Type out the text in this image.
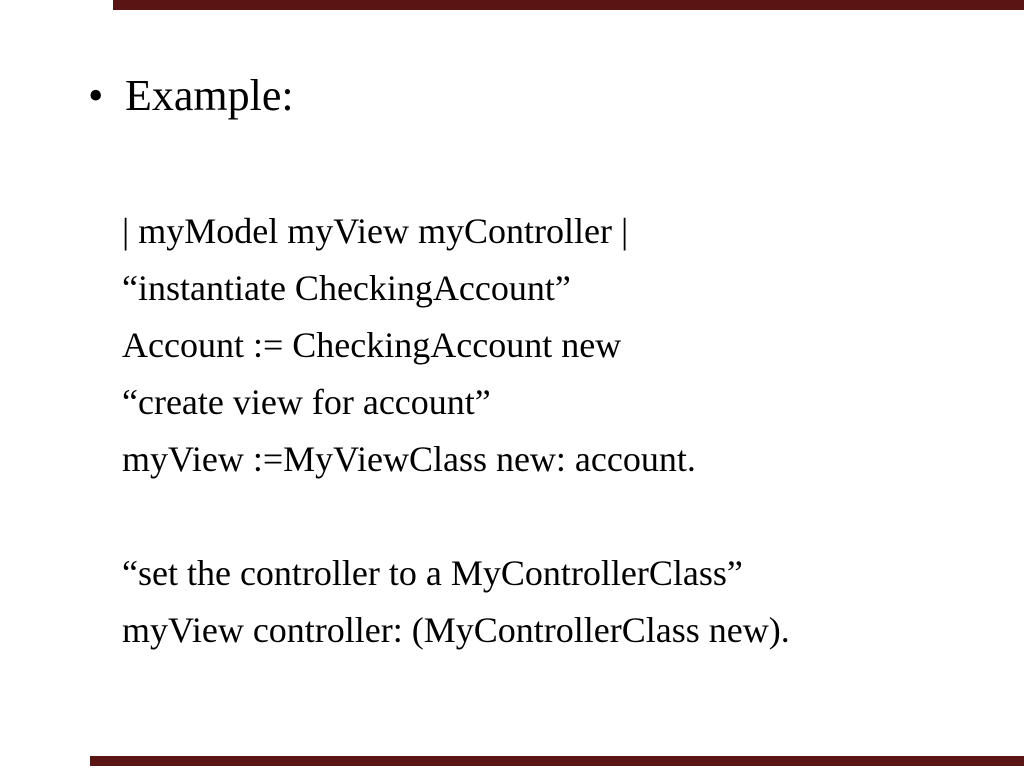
• Example:
| myModel myView myController |
“instantiate CheckingAccount”
Account := CheckingAccount new
“create view for account”
myView :=MyViewClass new: account.
“set the controller to a MyControllerClass”
myView controller: (MyControllerClass new).
